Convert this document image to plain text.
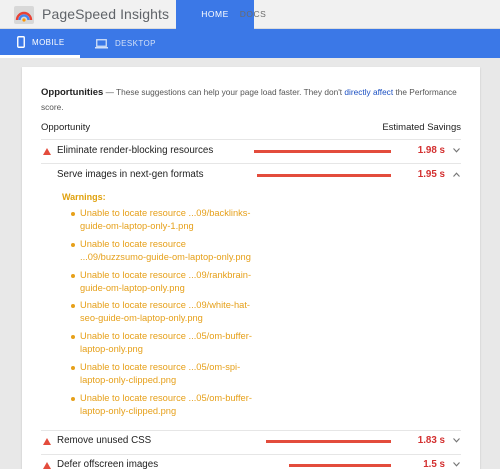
PageSpeed Insights	HOME	DOCS
MOBILE	DESKTOP
Opportunities — These suggestions can help your page load faster. They don't directly affect the Performance score.
Opportunity	Estimated Savings
Eliminate render-blocking resources	1.98 s
Serve images in next-gen formats	1.95 s
Warnings:
Unable to locate resource ...09/backlinks-
guide-om-laptop-only-1.png
Unable to locate resource
...09/buzzsumo-guide-om-laptop-only.png
Unable to locate resource ...09/rankbrain-
guide-om-laptop-only.png
Unable to locate resource ...09/white-hat-
seo-guide-om-laptop-only.png
Unable to locate resource ...05/om-buffer-
laptop-only.png
Unable to locate resource ...05/om-spi-
laptop-only-clipped.png
Unable to locate resource ...05/om-buffer-
laptop-only-clipped.png
Remove unused CSS	1.83 s
Defer offscreen images	1.5 s
